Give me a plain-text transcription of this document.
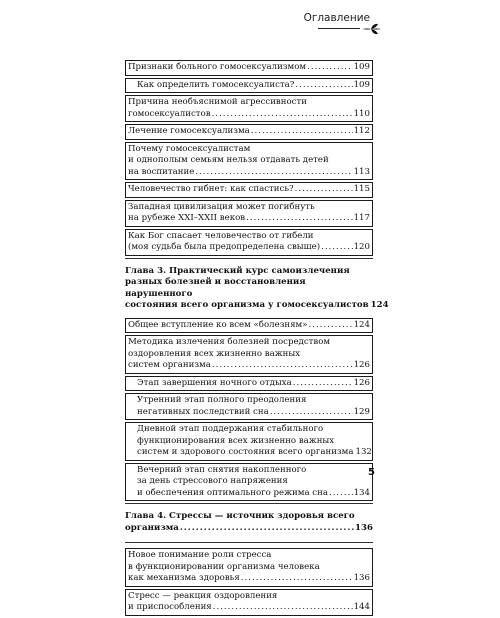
Оглавление
Признаки больного гомосексуализмом .....	109
Как определить гомосексуалиста? .....	109
Причина необъяснимой агрессивности
гомосексуалистов .....	110
Лечение гомосексуализма .....	112
Почему гомосексуалистам
и однополым семьям нельзя отдавать детей
на воспитание .....	113
Человечество гибнет: как спастись? .....	115
Западная цивилизация может погибнуть
на рубеже XXI–XXII веков .....	117
Как Бог спасает человечество от гибели
(моя судьба была предопределена свыше) .....	120
Глава 3. Практический курс самоизлечения
разных болезней и восстановления нарушенного
состояния всего организма у гомосексуалистов 124
Общее вступление ко всем «болезням» .....	124
Методика излечения болезней посредством
оздоровления всех жизненно важных
систем организма .....	126
Этап завершения ночного отдыха .....	126
Утренний этап полного преодоления
негативных последствий сна .....	129
Дневной этап поддержания стабильного
функционирования всех жизненно важных
систем и здорового состояния всего организма 132
Вечерний этап снятия накопленного
за день стрессового напряжения
и обеспечения оптимального режима сна .....	134
Глава 4. Стрессы — источник здоровья всего
организма .....	136
Новое понимание роли стресса
в функционировании организма человека
как механизма здоровья .....	136
Стресс — реакция оздоровления
и приспособления .....	144
5
